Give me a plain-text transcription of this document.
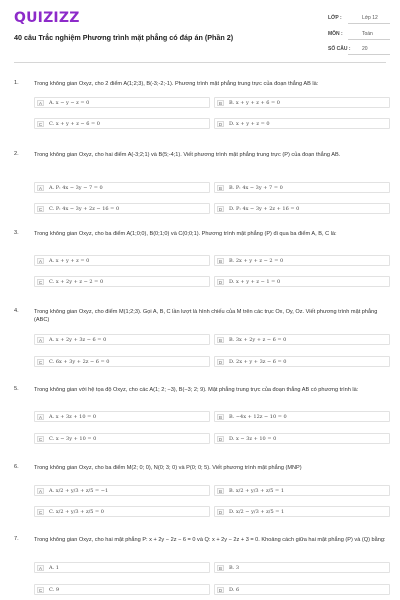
QUIZIZZ
40 câu Trắc nghiệm Phương trình mặt phẳng có đáp án (Phần 2)
LỚP :	Lớp 12
MÔN :	Toán
SỐ CÂU : 20
1.	Trong không gian Oxyz, cho 2 điểm A(1;2;3), B(-3;-2;-1). Phương trình mặt phẳng trung trực của đoạn thẳng AB là:
A	A. x − y − z = 0	B	B. x + y + z + 6 = 0
C	C. x + y + z − 6 = 0	D	D. x + y + z = 0
2.	Trong không gian Oxyz, cho hai điểm A(-3;2;1) và B(5;-4;1). Viết phương trình mặt phẳng trung trực (P) của đoạn thẳng AB.
A	A. P: 4x − 3y − 7 = 0	B	B. P: 4x − 3y + 7 = 0
C	C. P: 4x − 3y + 2z − 16 = 0	D	D. P: 4x − 3y + 2z + 16 = 0
3.	Trong không gian Oxyz, cho ba điểm A(1;0;0), B(0;1;0) và C(0;0;1). Phương trình mặt phẳng (P) đi qua ba điểm A, B, C là:
A	A. x + y + z = 0	B	B. 2x + y + z − 2 = 0
C	C. x + 2y + z − 2 = 0	D	D. x + y + z − 1 = 0
4.	Trong không gian Oxyz, cho điểm M(1;2;3). Gọi A, B, C lần lượt là hình chiếu của M trên các trục Ox, Oy, Oz. Viết phương trình mặt phẳng (ABC)
A	A. x + 2y + 3z − 6 = 0	B	B. 3x + 2y + z − 6 = 0
C	C. 6x + 3y + 2z − 6 = 0	D	D. 2x + y + 3z − 6 = 0
5.	Trong không gian với hệ tọa độ Oxyz, cho các A(1; 2; −3), B(−3; 2; 9). Mặt phẳng trung trực của đoạn thẳng AB có phương trình là:
A	A. x + 3z + 10 = 0	B	B. −4x + 12z − 10 = 0
C	C. x − 3y + 10 = 0	D	D. x − 3z + 10 = 0
6.	Trong không gian Oxyz, cho ba điểm M(2; 0; 0), N(0; 3; 0) và P(0; 0; 5). Viết phương trình mặt phẳng (MNP)
A	A. x/2 + y/3 + z/5 = −1	B	B. x/2 + y/3 + z/5 = 1
C	C. x/2 + y/3 + z/5 = 0	D	D. x/2 − y/3 + z/5 = 1
7.	Trong không gian Oxyz, cho hai mặt phẳng P: x + 2y − 2z − 6 = 0 và Q: x + 2y − 2z + 3 = 0. Khoảng cách giữa hai mặt phẳng (P) và (Q) bằng:
A	A. 1	B	B. 3
C	C. 9	D	D. 6
